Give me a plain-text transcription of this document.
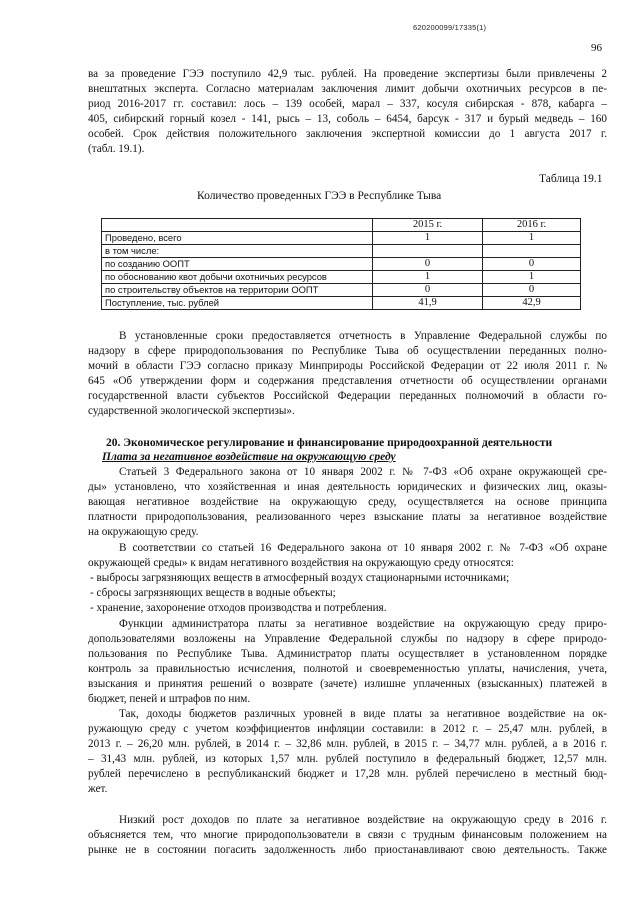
620200099/17335(1)
96
ва за проведение ГЭЭ поступило 42,9 тыс. рублей. На проведение экспертизы были привлечены 2
внештатных эксперта. Согласно материалам заключения лимит добычи охотничьих ресурсов в пе-
риод 2016-2017 гг. составил: лось – 139 особей, марал – 337, косуля сибирская - 878, кабарга –
405, сибирский горный козел - 141, рысь – 13, соболь – 6454, барсук - 317 и бурый медведь – 160
особей. Срок действия положительного заключения экспертной комиссии до 1 августа 2017 г.
(табл. 19.1).
Таблица 19.1
Количество проведенных ГЭЭ в Республике Тыва
	2015 г.	2016 г.
Проведено, всего	1	1
в том числе:		
по созданию ООПТ	0	0
по обоснованию квот добычи охотничьих ресурсов	1	1
по строительству объектов на территории ООПТ	0	0
Поступление, тыс. рублей	41,9	42,9
В установленные сроки предоставляется отчетность в Управление Федеральной службы по
надзору в сфере природопользования по Республике Тыва об осуществлении переданных полно-
мочий в области ГЭЭ согласно приказу Минприроды Российской Федерации от 22 июля 2011 г. №
645 «Об утверждении форм и содержания представления отчетности об осуществлении органами
государственной власти субъектов Российской Федерации переданных полномочий в области го-
сударственной экологической экспертизы».
20. Экономическое регулирование и финансирование природоохранной деятельности
Плата за негативное воздействие на окружающую среду
Статьей 3 Федерального закона от 10 января 2002 г. № 7-ФЗ «Об охране окружающей сре-
ды» установлено, что хозяйственная и иная деятельность юридических и физических лиц, оказы-
вающая негативное воздействие на окружающую среду, осуществляется на основе принципа
платности природопользования, реализованного через взыскание платы за негативное воздействие
на окружающую среду.
В соответствии со статьей 16 Федерального закона от 10 января 2002 г. № 7-ФЗ «Об охране
окружающей среды» к видам негативного воздействия на окружающую среду относятся:
- выбросы загрязняющих веществ в атмосферный воздух стационарными источниками;
- сбросы загрязняющих веществ в водные объекты;
- хранение, захоронение отходов производства и потребления.
Функции администратора платы за негативное воздействие на окружающую среду приро-
допользователями возложены на Управление Федеральной службы по надзору в сфере природо-
пользования по Республике Тыва. Администратор платы осуществляет в установленном порядке
контроль за правильностью исчисления, полнотой и своевременностью уплаты, начисления, учета,
взыскания и принятия решений о возврате (зачете) излишне уплаченных (взысканных) платежей в
бюджет, пеней и штрафов по ним.
Так, доходы бюджетов различных уровней в виде платы за негативное воздействие на ок-
ружающую среду с учетом коэффициентов инфляции составили: в 2012 г. – 25,47 млн. рублей, в
2013 г. – 26,20 млн. рублей, в 2014 г. – 32,86 млн. рублей, в 2015 г. – 34,77 млн. рублей, а в 2016 г.
– 31,43 млн. рублей, из которых 1,57 млн. рублей поступило в федеральный бюджет, 12,57 млн.
рублей перечислено в республиканский бюджет и 17,28 млн. рублей перечислено в местный бюд-
жет.
Низкий рост доходов по плате за негативное воздействие на окружающую среду в 2016 г.
объясняется тем, что многие природопользователи в связи с трудным финансовым положением на
рынке не в состоянии погасить задолженность либо приостанавливают свою деятельность. Также
